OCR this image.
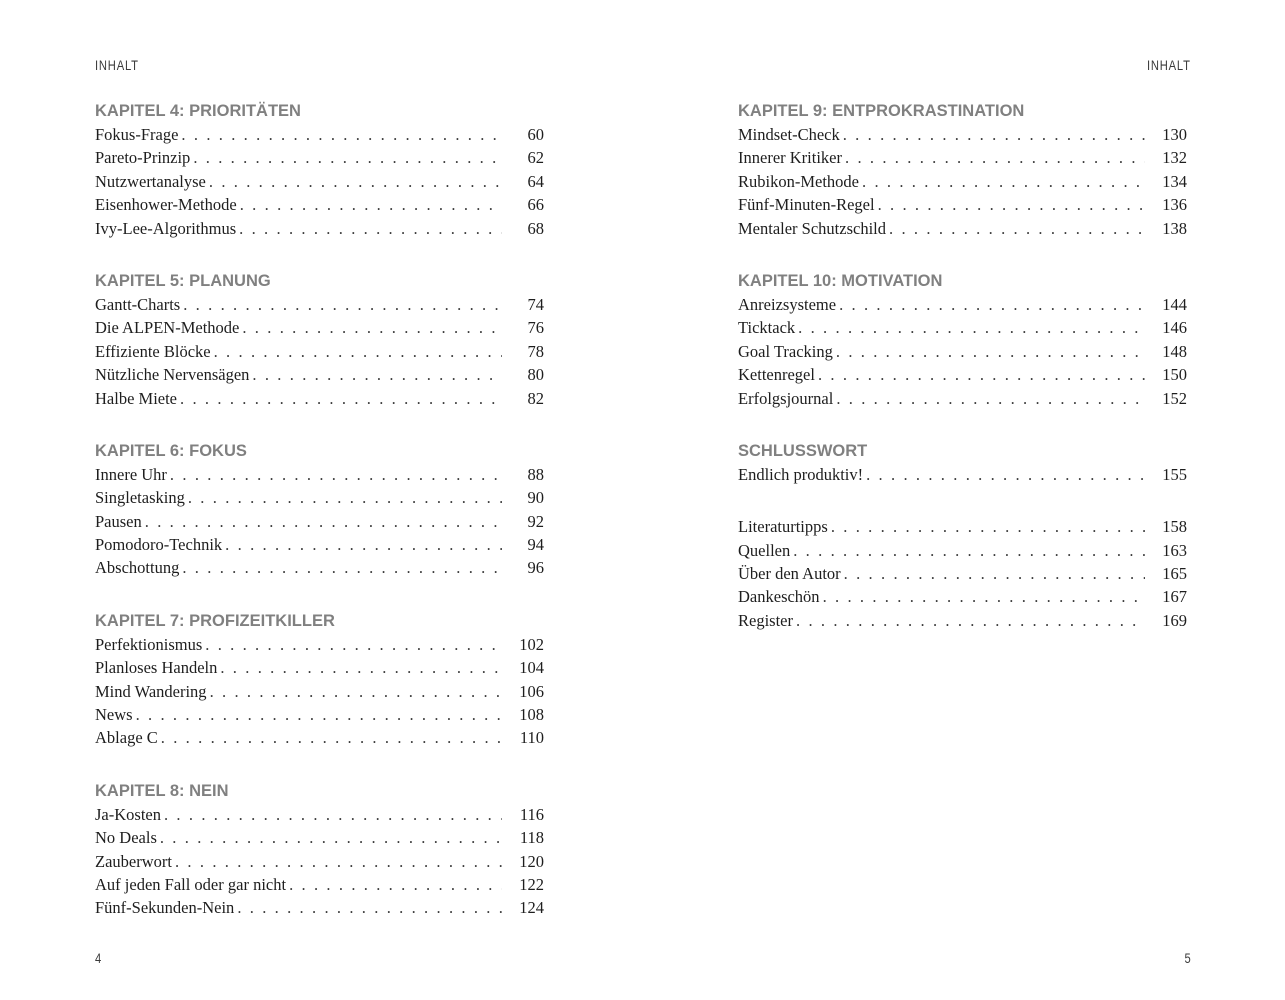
INHALT
KAPITEL 4: PRIORITÄTEN
Fokus-Frage . . .	60
Pareto-Prinzip . . .	62
Nutzwertanalyse . . .	64
Eisenhower-Methode . . .	66
Ivy-Lee-Algorithmus . . .	68
KAPITEL 5: PLANUNG
Gantt-Charts . . .	74
Die ALPEN-Methode . . .	76
Effiziente Blöcke . . .	78
Nützliche Nervensägen . . .	80
Halbe Miete . . .	82
KAPITEL 6: FOKUS
Innere Uhr . . .	88
Singletasking . . .	90
Pausen . . .	92
Pomodoro-Technik . . .	94
Abschottung . . .	96
KAPITEL 7: PROFIZEITKILLER
Perfektionismus . . .	102
Planloses Handeln . . .	104
Mind Wandering . . .	106
News . . .	108
Ablage C . . .	110
KAPITEL 8: NEIN
Ja-Kosten . . .	116
No Deals . . .	118
Zauberwort . . .	120
Auf jeden Fall oder gar nicht . . .	122
Fünf-Sekunden-Nein . . .	124
4
INHALT
KAPITEL 9: ENTPROKRASTINATION
Mindset-Check . . .	130
Innerer Kritiker . . .	132
Rubikon-Methode . . .	134
Fünf-Minuten-Regel . . .	136
Mentaler Schutzschild . . .	138
KAPITEL 10: MOTIVATION
Anreizsysteme . . .	144
Ticktack . . .	146
Goal Tracking . . .	148
Kettenregel . . .	150
Erfolgsjournal . . .	152
SCHLUSSWORT
Endlich produktiv! . . .	155
Literaturtipps . . .	158
Quellen . . .	163
Über den Autor . . .	165
Dankeschön . . .	167
Register . . .	169
5
